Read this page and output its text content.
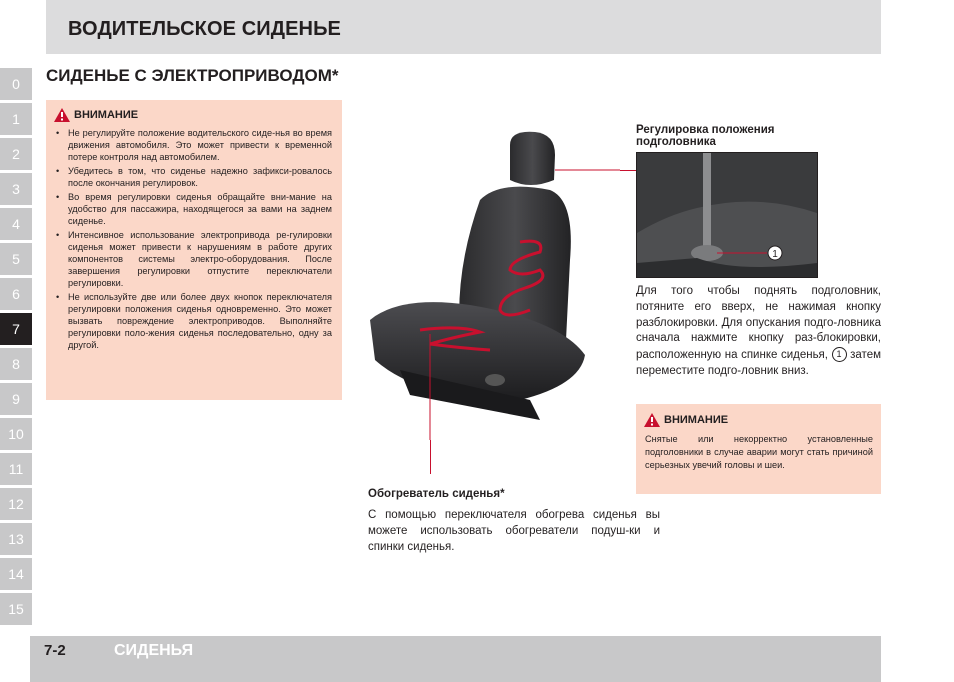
ВОДИТЕЛЬСКОЕ СИДЕНЬЕ
0
1
2
3
4
5
6
7
8
9
10
11
12
13
14
15
СИДЕНЬЕ С ЭЛЕКТРОПРИВОДОМ*
ВНИМАНИЕ
• Не регулируйте положение водительского сиде-нья во время движения автомобиля. Это может привести к временной потере контроля над автомобилем.
• Убедитесь в том, что сиденье надежно зафикси-ровалось после окончания регулировок.
• Во время регулировки сиденья обращайте вни-мание на удобство для пассажира, находящегося за вами на заднем сиденье.
• Интенсивное использование электропривода ре-гулировки сиденья может привести к нарушениям в работе других компонентов системы электро-оборудования. После завершения регулировки отпустите переключатели регулировки.
• Не используйте две или более двух кнопок переключателя регулировки положения сиденья одновременно. Это может вызвать повреждение электроприводов. Выполняйте регулировки поло-жения сиденья последовательно, одну за другой.
Регулировка положения
подголовника
1
Для того чтобы поднять подголовник, потяните его вверх, не нажимая кнопку разблокировки. Для опускания подго-ловника сначала нажмите кнопку раз-блокировки, расположенную на спинке сиденья, 1 затем переместите подго-ловник вниз.
ВНИМАНИЕ
Снятые или некорректно установленные подголовники в случае аварии могут стать причиной серьезных увечий головы и шеи.
Обогреватель сиденья*
С помощью переключателя обогрева сиденья вы можете использовать обогреватели подуш-ки и спинки сиденья.
7-2	СИДЕНЬЯ
